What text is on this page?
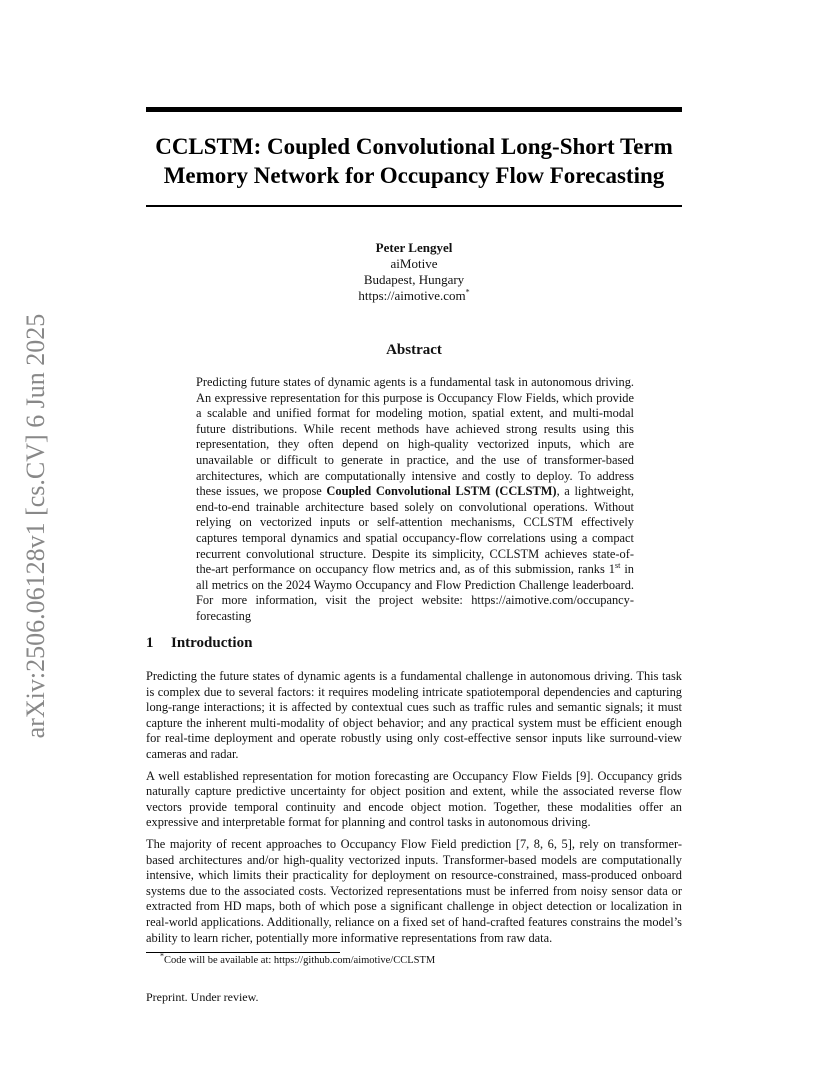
arXiv:2506.06128v1 [cs.CV] 6 Jun 2025
CCLSTM: Coupled Convolutional Long-Short Term
Memory Network for Occupancy Flow Forecasting
Peter Lengyel
aiMotive
Budapest, Hungary
https://aimotive.com*
Abstract
Predicting future states of dynamic agents is a fundamental task in autonomous driving. An expressive representation for this purpose is Occupancy Flow Fields, which provide a scalable and unified format for modeling motion, spatial extent, and multi-modal future distributions. While recent methods have achieved strong results using this representation, they often depend on high-quality vectorized inputs, which are unavailable or difficult to generate in practice, and the use of transformer-based architectures, which are computationally intensive and costly to deploy. To address these issues, we propose Coupled Convolutional LSTM (CCLSTM), a lightweight, end-to-end trainable architecture based solely on convolutional operations. Without relying on vectorized inputs or self-attention mechanisms, CCLSTM effectively captures temporal dynamics and spatial occupancy-flow correlations using a compact recurrent convolutional structure. Despite its simplicity, CCLSTM achieves state-of-the-art performance on occupancy flow metrics and, as of this submission, ranks 1st in all metrics on the 2024 Waymo Occupancy and Flow Prediction Challenge leaderboard. For more information, visit the project website: https://aimotive.com/occupancy-forecasting
1 Introduction

Predicting the future states of dynamic agents is a fundamental challenge in autonomous driving. This task is complex due to several factors: it requires modeling intricate spatiotemporal dependencies and capturing long-range interactions; it is affected by contextual cues such as traffic rules and semantic signals; it must capture the inherent multi-modality of object behavior; and any practical system must be efficient enough for real-time deployment and operate robustly using only cost-effective sensor inputs like surround-view cameras and radar.

A well established representation for motion forecasting are Occupancy Flow Fields [9]. Occupancy grids naturally capture predictive uncertainty for object position and extent, while the associated reverse flow vectors provide temporal continuity and encode object motion. Together, these modalities offer an expressive and interpretable format for planning and control tasks in autonomous driving.

The majority of recent approaches to Occupancy Flow Field prediction [7, 8, 6, 5], rely on transformer-based architectures and/or high-quality vectorized inputs. Transformer-based models are computationally intensive, which limits their practicality for deployment on resource-constrained, mass-produced onboard systems due to the associated costs. Vectorized representations must be inferred from noisy sensor data or extracted from HD maps, both of which pose a significant challenge in object detection or localization in real-world applications. Additionally, reliance on a fixed set of hand-crafted features constrains the model’s ability to learn richer, potentially more informative representations from raw data.

*Code will be available at: https://github.com/aimotive/CCLSTM
Preprint. Under review.
